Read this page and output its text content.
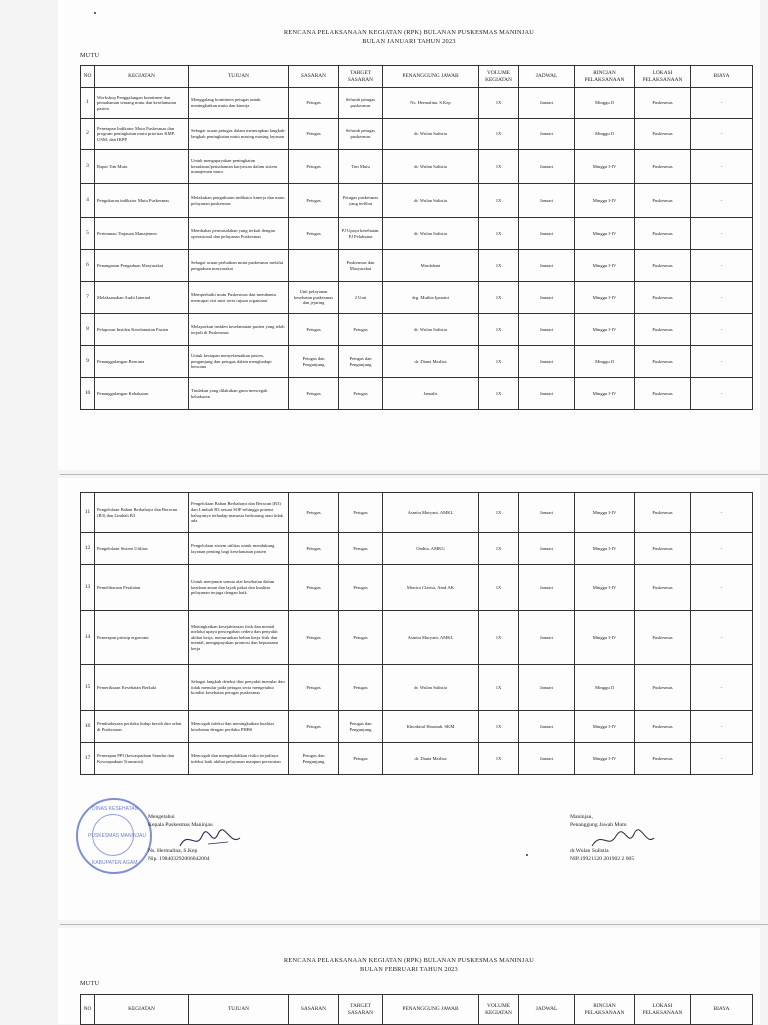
RENCANA PELAKSANAAN KEGIATAN (RPK) BULANAN PUSKESMAS MANINJAU
BULAN JANUARI TAHUN 2023
MUTU
NO	KEGIATAN	TUJUAN	SASARAN	TARGET SASARAN	PENANGGUNG JAWAB	VOLUME KEGIATAN	JADWAL	RINCIAN PELAKSANAAN	LOKASI PELAKSANAAN	BIAYA
1	Workshop Penggalangan komitmen dan pemahaman tentang mutu dan keselamatan pasien	Menggalang komitmen petugas untuk meningkatkan mutu dan kinerja	Petugas	Seluruh petugas puskesmas	Ns. Hermalina, S.Kep	1X	Januari	Minggu II	Puskesmas	-
2	Penetapan Indikator Mutu Puskesmas dan program peningkatan mutu prioritas KMP, USM, dan IKPP	Sebagai acuan petugas dalam menerapkan langkah-langkah peningkatan mutu masing masing layanan	Petugas	Seluruh petugas puskesmas	dr. Wulan Sulistia	1X	Januari	Minggu II	Puskesmas	-
3	Rapat Tim Mutu	Untuk mengupayakan peningkatan kesadaran/pemahaman karyawan dalam sistem manajemen mutu	Petugas	Tim Mutu	dr. Wulan Sulistia	1X	Januari	Minggu I-IV	Puskesmas	-
4	Pengukuran indikator Mutu Puskesmas	Melakukan pengukuran indikator kinerja dan mutu pelayanan puskesmas	Petugas	Petugas puskesmas yang terlibat	dr. Wulan Sulistia	1X	Januari	Minggu I-IV	Puskesmas	-
5	Pertemuan Tinjauan Manajemen	Membahas permasalahan yang terkait dengan operasional dan pelayanan Puskesmas	Petugas	PJ Upaya kesehatan, PJ Pelaksana	dr. Wulan Sulistia	1X	Januari	Minggu I-IV	Puskesmas	-
6	Penanganan Pengaduan Masyarakat	Sebagai acuan perbaikan mutu puskesmas melalui pengaduan masyarakat		Puskesmas dan Masyarakat	Mardalena	1X	Januari	Minggu I-IV	Puskesmas	-
7	Melaksanakan Audit Internal	Memperbaiki mutu Puskesmas dan membantu mencapai visi misi serta tujuan organisasi	Unit pelayanan kesehatan puskesmas dan jejaring	2 Unit	drg. Muthia Ipsarini	1X	Januari	Minggu I-IV	Puskesmas	-
8	Pelaporan Insiden Keselamatan Pasien	Melaporkan insiden keselamatan pasien yang telah terjadi di Puskesmas	Petugas	Petugas	dr. Wulan Sulistia	1X	Januari	Minggu I-IV	Puskesmas	-
9	Penanggulangan Bencana	Untuk kesiapan menyelamatkan pasien, pengunjung dan petugas dalam menghadapi bencana	Petugas dan Pengunjung	Petugas dan Pengunjung	dr. Diana Marlisa	1X	Januari	Minggu II	Puskesmas	-
10	Penanggulangan Kebakaran	Tindakan yang dilakukan guna mencegah kebakaran	Petugas	Petugas	Jamalis	1X	Januari	Minggu I-IV	Puskesmas	-
11	Pengelolaan Bahan Berbahaya dan Beracun (B3) dan Limbah B3	Pengelolaan Bahan Berbahaya dan Beracun (B3) dan Limbah B3 sesuai SOP sehingga potensi bahayanya terhadap manusia berkurang atau tidak ada	Petugas	Petugas	Asmita Muryani, AMKL	1X	Januari	Minggu I-IV	Puskesmas	-
12	Pengelolaan Sistem Utilitas	Pengelolaan sistem utilitas untuk mendukung layanan penting bagi keselamatan pasien	Petugas	Petugas	Ondita, AMKG	1X	Januari	Minggu I-IV	Puskesmas	-
13	Pemeliharaan Peralatan	Untuk menjamin semua alat kesehatan dalam keadaan aman dan layak pakai dan kualitas pelayanan terjaga dengan baik	Petugas	Petugas	Monica Clarisa, Amd.AK	1X	Januari	Minggu I-IV	Puskesmas	-
14	Penerapan prinsip ergonomi	Meningkatkan kesejahteraan fisik dan mental melalui upaya pencegahan cedera dan penyakit akibat kerja, menurunkan beban kerja fisik dan mental, mengupayakan promosi dan kepuasaan kerja	Petugas	Petugas	Asmita Muryani, AMKL	1X	Januari	Minggu I-IV	Puskesmas	-
15	Pemeriksaan Kesehatan Berkala	Sebagai langkah deteksi dini penyakit menular dan tidak menular pada petugas serta mengetahui kondisi kesehatan petugas puskesmas	Petugas	Petugas	dr. Wulan Sulistia	1X	Januari	Minggu II	Puskesmas	-
16	Pembudayaan perilaku hidup bersih dan sehat di Puskesmas	Mencegah infeksi dan meningkatkan kualitas kesehatan dengan perilaku PHBS	Petugas	Petugas dan Pengunjung	Khordatul Hasanah, SKM	1X	Januari	Minggu I-IV	Puskesmas	-
17	Penerapan PPI (kewaspadaan Standar dan Kewaspadaan Transmisi)	Mencegah dan mengendalikan risiko terjadinya infeksi baik akibat pelayanan maupun perawatan	Petugas dan Pengunjung	Petugas	dr. Diana Marlisa	1X	Januari	Minggu I-IV	Puskesmas	-
DINAS KESEHATAN
PUSKESMAS MANINJAU
KABUPATEN AGAM
Mengetahui
Kepala Puskesmas Maninjau
Ns. Hermalina, S.Kep
Nip. 198403292006042004
Maninjau,
Penanggung Jawab Mutu
dr.Wulan Sulistia
NIP.19921120 201902 2 005
RENCANA PELAKSANAAN KEGIATAN (RPK) BULANAN PUSKESMAS MANINJAU
BULAN FEBRUARI TAHUN 2023
MUTU
NO	KEGIATAN	TUJUAN	SASARAN	TARGET SASARAN	PENANGGUNG JAWAB	VOLUME KEGIATAN	JADWAL	RINCIAN PELAKSANAAN	LOKASI PELAKSANAAN	BIAYA
